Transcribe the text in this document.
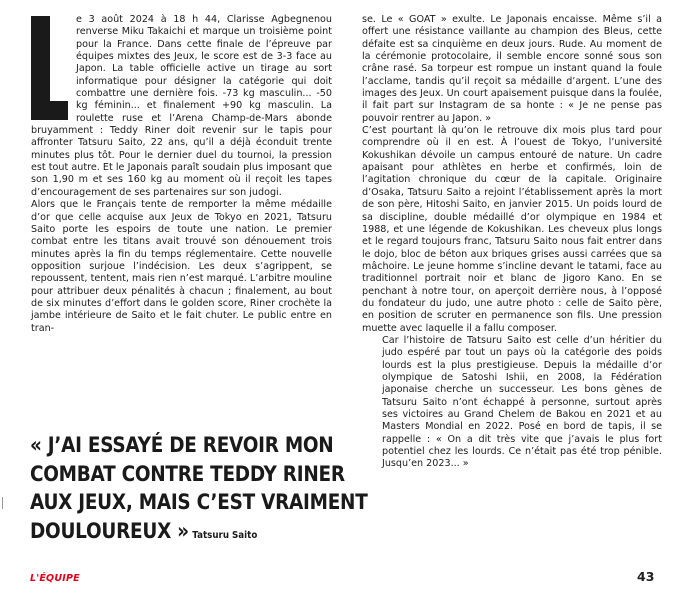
e 3 août 2024 à 18 h 44, Clarisse Agbegnenou renverse Miku Takaichi et marque un troisième point pour la France. Dans cette finale de l’épreuve par équipes mixtes des Jeux, le score est de 3-3 face au Japon. La table officielle active un tirage au sort informatique pour désigner la catégorie qui doit combattre une dernière fois. -73 kg masculin... -50 kg féminin... et finalement +90 kg masculin. La roulette ruse et l’Arena Champ-de-Mars abonde bruyamment : Teddy Riner doit revenir sur le tapis pour affronter Tatsuru Saito, 22 ans, qu’il a déjà éconduit trente minutes plus tôt. Pour le dernier duel du tournoi, la pression est tout autre. Et le Japonais paraît soudain plus imposant que son 1,90 m et ses 160 kg au moment où il reçoit les tapes d’encouragement de ses partenaires sur son judogi.

Alors que le Français tente de remporter la même médaille d’or que celle acquise aux Jeux de Tokyo en 2021, Tatsuru Saito porte les espoirs de toute une nation. Le premier combat entre les titans avait trouvé son dénouement trois minutes après la fin du temps réglementaire. Cette nouvelle opposition surjoue l’indécision. Les deux s’agrippent, se repoussent, tentent, mais rien n’est marqué. L’arbitre mouline pour attribuer deux pénalités à chacun ; finalement, au bout de six minutes d’effort dans le golden score, Riner crochète la jambe intérieure de Saito et le fait chuter. Le public entre en tran-

se. Le « GOAT » exulte. Le Japonais encaisse. Même s’il a offert une résistance vaillante au champion des Bleus, cette défaite est sa cinquième en deux jours. Rude. Au moment de la cérémonie protocolaire, il semble encore sonné sous son crâne rasé. Sa torpeur est rompue un instant quand la foule l’acclame, tandis qu’il reçoit sa médaille d’argent. L’une des images des Jeux. Un court apaisement puisque dans la foulée, il fait part sur Instagram de sa honte : « Je ne pense pas pouvoir rentrer au Japon. »

C’est pourtant là qu’on le retrouve dix mois plus tard pour comprendre où il en est. À l’ouest de Tokyo, l’université Kokushikan dévoile un campus entouré de nature. Un cadre apaisant pour athlètes en herbe et confirmés, loin de l’agitation chronique du cœur de la capitale. Originaire d’Osaka, Tatsuru Saito a rejoint l’établissement après la mort de son père, Hitoshi Saito, en janvier 2015. Un poids lourd de sa discipline, double médaillé d’or olympique en 1984 et 1988, et une légende de Kokushikan. Les cheveux plus longs et le regard toujours franc, Tatsuru Saito nous fait entrer dans le dojo, bloc de béton aux briques grises aussi carrées que sa mâchoire. Le jeune homme s’incline devant le tatami, face au traditionnel portrait noir et blanc de Jigoro Kano. En se penchant à notre tour, on aperçoit derrière nous, à l’opposé du fondateur du judo, une autre photo : celle de Saito père, en position de scruter en permanence son fils. Une pression muette avec laquelle il a fallu composer.

Car l’histoire de Tatsuru Saito est celle d’un héritier du judo espéré par tout un pays où la catégorie des poids lourds est la plus prestigieuse. Depuis la médaille d’or olympique de Satoshi Ishii, en 2008, la Fédération japonaise cherche un successeur. Les bons gènes de Tatsuru Saito n’ont échappé à personne, surtout après ses victoires au Grand Chelem de Bakou en 2021 et au Masters Mondial en 2022. Posé en bord de tapis, il se rappelle : « On a dit très vite que j’avais le plus fort potentiel chez les lourds. Ce n’était pas été trop pénible. Jusqu’en 2023... »

« J’AI ESSAYÉ DE REVOIR MON
COMBAT CONTRE TEDDY RINER
AUX JEUX, MAIS C’EST VRAIMENT
DOULOUREUX » Tatsuru Saito
L'ÉQUIPE	43
